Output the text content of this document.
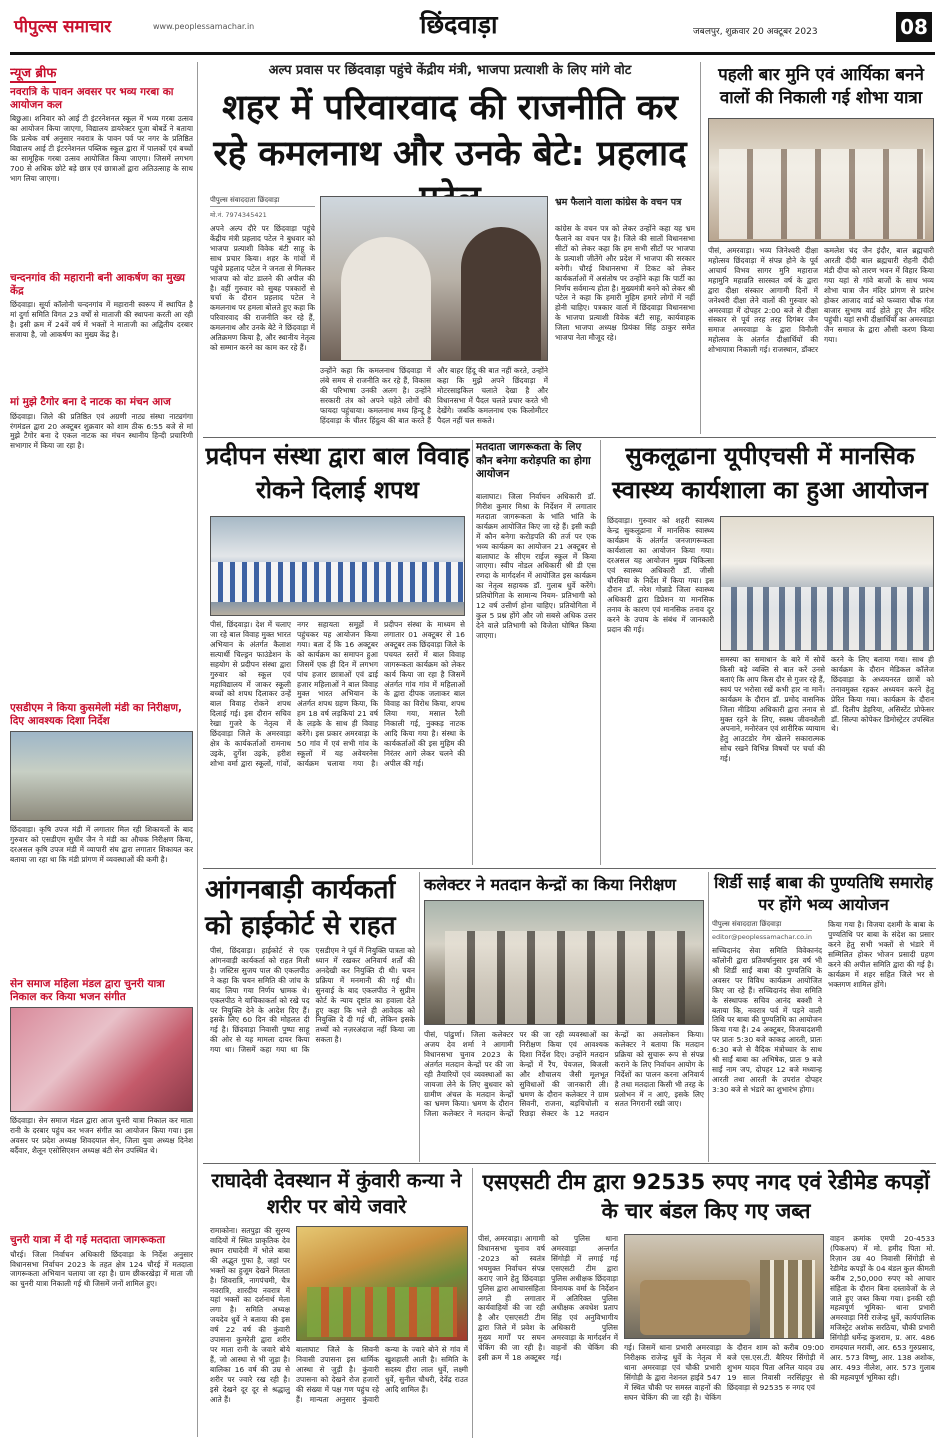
पीपुल्स समाचार	www.peoplessamachar.in	छिंदवाड़ा	जबलपुर, शुक्रवार 20 अक्टूबर 2023	08
न्यूज ब्रीफ
नवरात्रि के पावन अवसर पर भव्य गरबा का आयोजन कल
बिछुआ। शनिवार को आई टी इंटरनेशनल स्कूल में भव्य गरबा उत्सव का आयोजन किया जाएगा, विद्यालय डायरेक्टर पूजा बोबर्डे ने बताया कि प्रत्येक वर्ष अनुसार नवरात्र के पावन पर्व पर नगर के प्रतिष्ठित विद्यालय आई टी इंटरनेशनल पब्लिक स्कूल द्वारा में पालकों एवं बच्चों का सामूहिक गरबा उत्सव आयोजित किया जाएगा। जिसमें लगभग 700 से अधिक छोटे बड़े छात्र एवं छात्राओं द्वारा अतिउत्साह के साथ भाग लिया जाएगा।
चन्दनगांव की महारानी बनी आकर्षण का मुख्य केंद्र
छिंदवाड़ा। सूर्या कॉलोनी चन्दनगांव में महारानी स्वरूप में स्थापित है मां दुर्गा समिति विगत 23 वर्षों से माताजी की स्थापना करती आ रही है। इसी क्रम में 24वें वर्ष में भक्तों ने माताजी का अद्वितीय दरबार सजाया है, जो आकर्षण का मुख्य केंद्र है।
मां मुझे टैगोर बना दे नाटक का मंचन आज
छिंदवाड़ा। जिले की प्रतिष्ठित एवं अग्रणी नाट्य संस्था नाट्यगंगा रंगमंडल द्वारा 20 अक्टूबर शुक्रवार को शाम ठीक 6:55 बजे से मां मुझे टैगोर बना दे एकल नाटक का मंचन स्थानीय हिन्दी प्रचारिणी सभागार में किया जा रहा है।
एसडीएम ने किया कुसमेली मंडी का निरीक्षण, दिए आवश्यक दिशा निर्देश
छिंदवाड़ा। कृषि उपज मंडी में लगातार मिल रही शिकायतों के बाद गुरुवार को एसडीएम सुधीर जैन ने मंडी का औचक निरीक्षण किया, दरअसल कृषि उपज मंडी में व्यापारी संघ द्वारा लगातार शिकायत कर बताया जा रहा था कि मंडी प्रांगण में व्यवस्थाओं की कमी है।
सेन समाज महिला मंडल द्वारा चुनरी यात्रा निकाल कर किया भजन संगीत
छिंदवाड़ा। सेन समाज मंडल द्वारा आज चुनरी यात्रा निकाल कर माता रानी के दरबार पहुंच कर भजन संगीत का आयोजन किया गया। इस अवसर पर प्रदेश अध्यक्ष शिवदयाल सेन, जिला युवा अध्यक्ष दिनेश बर्दैवार, शैलून एसोसिएशन अध्यक्ष बंटी सेन उपस्थित थे।
चुनरी यात्रा में दी गई मतदाता जागरूकता
चौरई। जिला निर्वाचन अधिकारी छिंदवाड़ा के निर्देश अनुसार विधानसभा निर्वाचन 2023 के तहत क्षेत्र 124 चौरई में मतदाता जागरूकता अभियान चलाया जा रहा है। ग्राम छीकरखेड़ा में माता जी का चुनरी यात्रा निकाली गई थी जिसमें जनों शामिल हुए।
अल्प प्रवास पर छिंदवाड़ा पहुंचे केंद्रीय मंत्री, भाजपा प्रत्याशी के लिए मांगे वोट
शहर में परिवारवाद की राजनीति कर रहे कमलनाथ और उनके बेटे: प्रहलाद
पीपुल्स संवाददाता छिंदवाड़ा
मो.नं. 7974345421
अपने अल्प दौरे पर छिंदवाड़ा पहुंचे केंद्रीय मंत्री प्रहलाद पटेल ने बुधवार को भाजपा प्रत्याशी विवेक बंटी साहू के साथ प्रचार किया। शहर के गांवों में पहुंचे प्रहलाद पटेल ने जनता से मिलकर भाजपा को वोट डालने की अपील की है। वहीं गुरुवार को सुबह पत्रकारों से चर्चा के दौरान प्रहलाद पटेल ने कमलनाथ पर हमला बोलते हुए कहा कि परिवारवाद की राजनीति कर रहे हैं, कमलनाथ और उनके बेटे ने छिंदवाड़ा में अतिक्रमण किया है, और स्थानीय नेतृत्व को सम्मान करने का काम कर रहे हैं।
उन्होंने कहा कि कमलनाथ छिंदवाड़ा में लंबे समय से राजनीति कर रहे हैं, विकास की परिभाषा उनकी अलग है। उन्होंने सरकारी तंत्र को अपने चहेते लोगों की फायदा पहुंचाया। कमलनाथ मध्य हिन्दू है हिंदवाड़ा के चीतर हिंदुत्व की बात करते हैं और बाहर हिंदू की बात नहीं करते, उन्होंने कहा कि मुझे अपने छिंदवाड़ा में मोटरसाइकिल चलाते देखा है और विधानसभा में पैदल चलते प्रचार करते भी देखेंगे। जबकि कमलनाथ एक किलोमीटर पैदल नहीं चल सकते।
भ्रम फैलाने वाला कांग्रेस के वचन पत्र
कांग्रेस के वचन पत्र को लेकर उन्होंने कहा यह भ्रम फैलाने का वचन पत्र है। जिले की सातों विधानसभा सीटों को लेकर कहा कि हम सभी सीटों पर भाजपा के प्रत्याशी जीतेंगे और प्रदेश में भाजपा की सरकार बनेगी। चौरई विधानसभा में टिकट को लेकर कार्यकर्ताओं में असंतोष पर उन्होंने कहा कि पार्टी का निर्णय सर्वमान्य होता है। मुख्यमंत्री बनने को लेकर श्री पटेल ने कहा कि हमारी मुहिम हमारे लोगों में नहीं होनी चाहिए। पत्रकार वार्ता में छिंदवाड़ा विधानसभा के भाजपा प्रत्याशी विवेक बंटी साहू, कार्यवाहक जिला भाजपा अध्यक्ष प्रियंका सिंह ठाकुर समेत भाजपा नेता मौजूद रहे।
पहली बार मुनि एवं आर्यिका बनने वालों की निकाली गई शोभा यात्रा
पीसं, अमरवाड़ा। भव्य जिनेश्वरी दीक्षा महोत्सव छिंदवाड़ा में संपन्न होने के पूर्व आचार्य विभव सागर मुनि महाराज महामुनि महाव्रति सारस्वत वर्ष के द्वारा द्वारा दीक्षा संस्कार आगामी दिनों में जनेश्वरी दीक्षा लेने वालों की गुरुवार को अमरवाड़ा में दोपहर 2:00 बजे से दीक्षा संस्कार से पूर्व तरह तरह दिगंबर जैन समाज अमरवाड़ा के द्वारा विनौली महोत्सव के अंतर्गत दीक्षार्थियों की शोभायात्रा निकाली गई। राजस्थान, डॉक्टर कमलेश चंद जैन इंदौर, बाल ब्रह्मचारी आरती दीदी बाल ब्रह्मचारी रोहनी दीदी मंडी दीपा को तारण भवन में विहार किया गया यहां से गांवे बाजों के साथ भव्य शोभा यात्रा जैन मंदिर प्रांगण से प्रारंभ होकर आजाद वार्ड को फव्वारा चौक गंज बाजार सुभाष वार्ड होते हुए जैन मंदिर पहुंची। यहां सभी दीक्षार्थियों का अमरवाड़ा जैन समाज के द्वारा औसी करण किया गया।
प्रदीपन संस्था द्वारा बाल विवाह रोकने दिलाई शपथ
पीसं, छिंदवाड़ा। देश में चलाए जा रहे बाल विवाह मुक्त भारत अभियान के अंतर्गत कैलाश सत्यार्थी चिल्ड्रन फाउंडेशन के सहयोग से प्रदीपन संस्था द्वारा गुरुवार को स्कूल एवं महाविद्यालय में जाकर स्कूली बच्चों को शपथ दिलाकर उन्हें बाल विवाह रोकने शपथ दिलाई गई। इस दौरान सचिव रेखा गुजरे के नेतृत्व में छिंदवाड़ा जिले के अमरवाड़ा क्षेत्र के कार्यकर्ताओं रामनाथ उइके, दुर्गेश उइके, हरीश शोभा वर्मा द्वारा स्कूलों, गांवों, नगर सहायता समूहों में पहुंचकर यह आयोजन किया गया। बता दें कि 16 अक्टूबर को कार्यक्रम का समापन हुआ जिसमें एक ही दिन में लगभग पांच हजार छात्राओं एवं ढाई हजार महिलाओं ने बाल विवाह मुक्त भारत अभियान के अंतर्गत शपथ ग्रहण किया, कि हम 18 वर्ष लड़कियां 21 वर्ष के लड़के के साथ ही विवाह करेंगे। इस प्रकार अमरवाड़ा के 50 गांव में एवं सभी गांव के स्कूलों में यह अवेयरनेस कार्यक्रम चलाया गया है। प्रदीपन संस्था के माध्यम से लगातार 01 अक्टूबर से 16 अक्टूबर तक छिंदवाड़ा जिले के पचयत स्तरों में बाल विवाह जागरूकता कार्यक्रम को लेकर कार्य किया जा रहा है जिसमें अंतर्गत गांव गांव में महिलाओं के द्वारा दीपक जलाकर बाल विवाह का विरोध किया, शपथ लिया गया, मसाल रैली निकाली गई, नुक्कड़ नाटक आदि किया गया है। संस्था के कार्यकर्ताओं की इस मुहिम की निरंतर आगे लेकर चलने की अपील की गई।
मतदाता जागरूकता के लिए कौन बनेगा करोड़पति का होगा आयोजन
बालाघाट। जिला निर्वाचन अधिकारी डॉ. गिरीश कुमार मिश्रा के निर्देशन में लगातार मतदाता जागरूकता के भांति भांति के कार्यक्रम आयोजित किए जा रहे हैं। इसी कड़ी में कौन बनेगा करोड़पति की तर्ज पर एक भव्य कार्यक्रम का आयोजन 21 अक्टूबर से बालाघाट के सीएम राईज स्कूल में किया जाएगा। स्वीप नोडल अधिकारी श्री डी एस रणदा के मार्गदर्शन में आयोजित इस कार्यक्रम का नेतृत्व सहायक डॉ. गुलाब धुर्वे करेंगे। प्रतियोगिता के सामान्य नियम- प्रतिभागी को 12 वर्ष उत्तीर्ण होना चाहिए। प्रतियोगिता में कुल 5 प्रश्न होंगे और जो सबसे अधिक उत्तर देने वाले प्रतिभागी को विजेता घोषित किया जाएगा।
सुकलूढाना यूपीएचसी में मानसिक स्वास्थ्य कार्यशाला का हुआ आयोजन
छिंदवाड़ा। गुरुवार को शहरी स्वास्थ्य केन्द्र सुकलूढाना में मानसिक स्वास्थ्य कार्यक्रम के अंतर्गत जनजागरूकता कार्यशाला का आयोजन किया गया। दरअसल यह आयोजन मुख्य चिकित्सा एवं स्वास्थ्य अधिकारी डॉ. जीसी चौरसिया के निर्देश में किया गया। इस दौरान डॉ. नरेश गोन्नाडे जिला स्वास्थ्य अधिकारी द्वारा डिप्रेशन या मानसिक तनाव के कारण एवं मानसिक तनाव दूर करने के उपाय के संबंध में जानकारी प्रदान की गई।
समस्या का समाधान के बारे में सोचें किसी बड़े व्यक्ति से बात करें उनसे बताएं कि आप किस दौर से गुजर रहे हैं, स्वयं पर भरोसा रखें कभी हार ना मानें। कार्यक्रम के दौरान डॉ. प्रमोद वासनिक जिला मीडिया अधिकारी द्वारा तनाव से मुक्त रहने के लिए, स्वस्थ जीवनशैली अपनाने, मनोरंजन एवं शारीरिक व्यायाम हेतु आउटडोर गेम खेलने सकारात्मक सोच रखने विभिन्न विषयों पर चर्चा की गई।
करने के लिए बताया गया। साथ ही कार्यक्रम के दौरान मेडिकल कॉलेज छिंदवाड़ा के अध्ययनरत छात्रों को तनावमुक्त रहकर अध्ययन करने हेतु प्रेरित किया गया। कार्यक्रम के दौरान डॉ. दिलीप डेहरिया, असिस्टेंट प्रोफेसर डॉ. सिल्पा कोपेकर डिमोस्ट्रेटर उपस्थित थे।
आंगनबाड़ी कार्यकर्ता को हाईकोर्ट से राहत
पीसं, छिंदवाड़ा। हाईकोर्ट से एक आंगनवाड़ी कार्यकर्ता को राहत मिली है। जस्टिस सुजय पाल की एकलपीठ ने कहा कि चयन समिति की जांच के बाद लिया गया निर्णय भ्रामक थे। एकलपीठ ने याचिकाकर्ता को रखे पद पर नियुक्ति देने के आदेश दिए हैं। इसके लिए 60 दिन की मोहलत दी गई है। छिंदवाड़ा निवासी पुष्पा साहू की ओर से यह मामला दायर किया गया था। जिसमें कहा गया था कि एसडीएम ने पूर्व में नियुक्ति पात्रता को ध्यान में रखकर अनिवार्य शर्तों की अनदेखी कर नियुक्ति दी थी। चयन प्रक्रिया में मनमानी की गई थी। सुनवाई के बाद एकलपीठ ने सुप्रीम कोर्ट के न्याय दृष्टांत का हवाला देते हुए कहा कि भले ही आवेदक को नियुक्ति दे दी गई थी, लेकिन इसके तथ्यों को नज़रअंदाज नहीं किया जा सकता है।
कलेक्टर ने मतदान केन्द्रों का किया निरीक्षण
पीसं, पांढुर्णा। जिला कलेक्टर अजय देव शर्मा ने आगामी विधानसभा चुनाव 2023 के अंतर्गत मतदान केन्द्रों पर की जा रही तैयारियों एवं व्यवस्थाओं का जायजा लेने के लिए बुधवार को ग्रामीण अंचल के मतदान केन्द्रों का भ्रमण किया। भ्रमण के दौरान जिला कलेक्टर ने मतदान केन्द्रों पर की जा रही व्यवस्थाओं का निरीक्षण किया एवं आवश्यक दिशा निर्देश दिए। उन्होंने मतदान केन्द्रों में रैंप, पेयजल, बिजली और शौचालय जैसी मूलभूत सुविधाओं की जानकारी ली। भ्रमण के दौरान कलेक्टर ने ग्राम सिवनी, राजना, बड़चिचोली व रिछड़ा सेक्टर के 12 मतदान केन्द्रों का अवलोकन किया। कलेक्टर ने बताया कि मतदान प्रक्रिया को सुचारू रूप से संपन्न कराने के लिए निर्वाचन आयोग के निर्देशों का पालन करना अनिवार्य है तथा मतदाता किसी भी तरह के प्रलोभन में न आएं, इसके लिए सतत निगरानी रखी जाए।
शिर्डी साईं बाबा की पुण्यतिथि समारोह पर होंगे भव्य आयोजन
पीपुल्स संवाददाता छिंदवाड़ा
editor@peoplessamachar.co.in
सच्चिदानंद सेवा समिति विवेकानंद कॉलोनी द्वारा प्रतिवर्षानुसार इस वर्ष भी श्री शिर्डी साईं बाबा की पुण्यतिथि के अवसर पर विविध कार्यक्रम आयोजित किए जा रहे हैं। सच्चिदानंद सेवा समिति के संस्थापक सचिव आनंद बक्शी ने बताया कि, नवरात्र पर्व में पड़ने वाली तिथि पर बाबा की पुण्यतिथि का आयोजन किया गया है। 24 अक्टूबर, विजयादशमी पर प्रातः 5:30 बजे काकड़ आरती, प्रातः 6:30 बजे से वैदिक मंत्रोच्चार के साथ श्री साईं बाबा का अभिषेक, प्रातः 9 बजे साईं नाम जप, दोपहर 12 बजे मध्यान्ह आरती तथा आरती के उपरांत दोपहर 3:30 बजे से भंडारे का शुभारंभ होगा।
किया गया है। विजया दशमी के बाबा के पुण्यतिथि पर बाबा के संदेश का प्रसार करने हेतु सभी भक्तों से भंडारे में सम्मिलित होकर भोजन प्रसादी ग्रहण करने की अपील समिति द्वारा की गई है। कार्यक्रम में शहर सहित जिले भर से भक्तगण शामिल होंगे।
राघादेवी देवस्थान में कुंवारी कन्या ने शरीर पर बोये जवारे
रामाकोना। सतपुड़ा की सुरम्य वादियों में स्थित प्राकृतिक देव स्थान राघादेवी में भोले बाबा की अद्भुत गुफा है, जहां पर भक्तों का हुजूम देखने मिलता है। शिवरात्रि, नागपंचमी, चैत्र नवरात्रि, शारदीय नवरात्र में यहां भक्तों का दर्शनार्थ मेला लगा है। समिति अध्यक्ष जयदेव धुर्वे ने बताया की इस वर्ष 22 वर्ष की कुंवारी उपासना कुमरेती द्वारा शरीर पर माता रानी के जवारे बोये हैं, जो आस्था से भी जुड़ा है। बालिका 16 वर्ष की उम्र से शरीर पर ज्वारे रख रही है। इसे देखने दूर दूर से श्रद्धालु आते हैं।
बालाघाट जिले के सिवनी निवासी उपासना इस धार्मिक आस्था से जुड़ी है। कुंवारी उपासना को देखने रोज हजारों की संख्या में पक्ष गण पहुंच रहे हैं। मान्यता अनुसार कुंवारी कन्या के ज्वारे बोने से गांव में खुशहाली आती है। समिति के सदस्य हीरा लाल धुर्वे, लक्ष्मी धुर्वे, सुनील चौधरी, देवेंद्र राउत आदि शामिल हैं।
एसएसटी टीम द्वारा 92535 रुपए नगद एवं रेडीमेड कपड़ों के चार बंडल किए गए जब्त
पीसं, अमरवाड़ा। आगामी विधानसभा चुनाव वर्ष -2023 को स्वतंत्र भयमुक्त निर्वाचन संपन्न कराए जाने हेतु छिंदवाड़ा पुलिस द्वारा आचारसंहिता लगते ही लगातार कार्यवाहियों की जा रही है और एसएसटी टीम द्वारा जिले में प्रवेश के मुख्य मार्गों पर सघन चेकिंग की जा रही है। इसी क्रम में 18 अक्टूबर को पुलिस थाना अमरवाड़ा अन्तर्गत सिंगोड़ी में लगाई गई एसएसटी टीम द्वारा पुलिस अधीक्षक छिंदवाड़ा विनायक वर्मा के निर्देशन में अतिरिक्त पुलिस अधीक्षक अवधेश प्रताप सिंह एवं अनुविभागीय अधिकारी पुलिस अमरवाड़ा के मार्गदर्शन में वाहनों की चेकिंग की गई।
गई। जिसमें थाना प्रभारी अमरवाड़ा निरीक्षक राजेन्द्र धुर्वे के नेतृत्व में थाना अमरवाड़ा एवं चौकी प्रभारी सिंगोड़ी के द्वारा नेशनल हाईवे 547 में स्थित चौकी पर समस्त वाहनों की सघन चेकिंग की जा रही है। चेकिंग के दौरान शाम को करीब 09:00 बजे एस.एस.टी. बैरियर सिंगोड़ी में शुभम यादव पिता अनिल यादव उम्र 19 साल निवासी नरसिंहपुर से छिंदवाड़ा से 92535 रु नगद एवं
वाहन क्रमांक एमपी 20-4533 (पिकअप) में मो. हमीद पिता मो. रिज़ान उम्र 40 निवासी सिंगोड़ी से रेडीमेड कपड़ों के 04 बंडल कुल कीमती करीब 2,50,000 रुपए को आचार संहिता के दौरान बिना दस्तावेजों के ले जाते हुए जब्त किया गया। इनकी रही महत्वपूर्ण भूमिका- थाना प्रभारी अमरवाड़ा निरी राजेन्द्र धुर्वे, कार्यपालिक मजिस्ट्रेट अशोक सरठिया, चौकी प्रभारी सिंगोड़ी धर्मेन्द्र कुशराम, प्र. आर. 486 रामदयाल मरावी, आर. 653 गुरुप्रसाद, आर. 573 विष्णु, आर. 138 अशोक, आर. 493 नीलेश, आर. 573 गुलाब की महत्वपूर्ण भूमिका रही।
